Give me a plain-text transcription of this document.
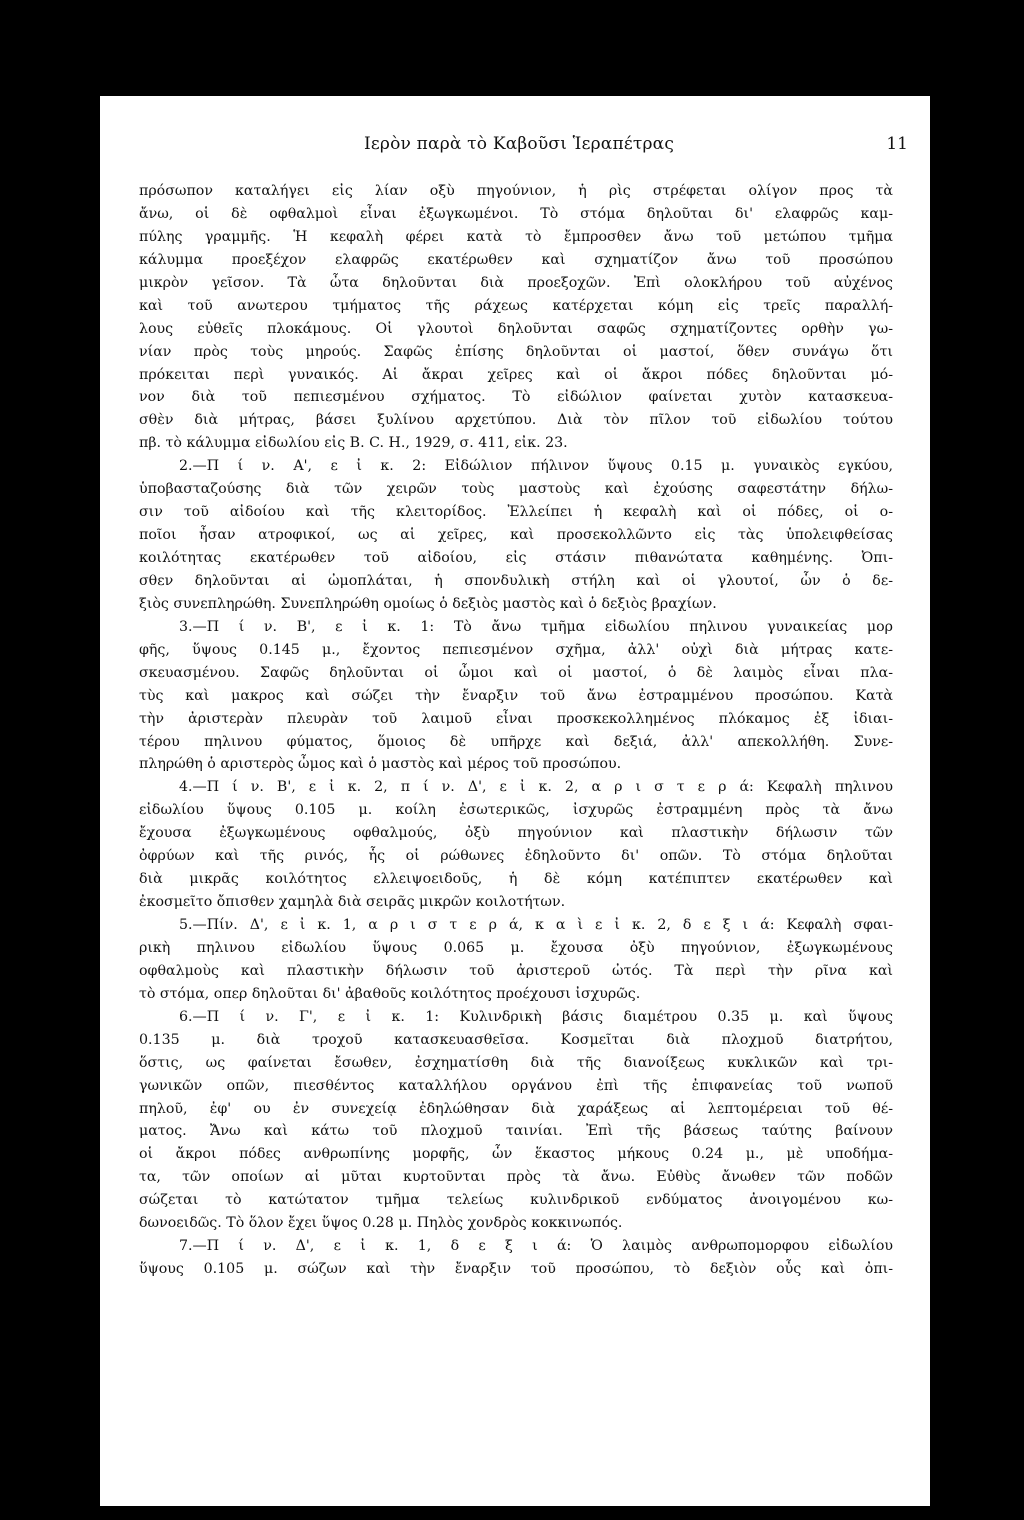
Ιερὸν παρὰ τὸ Καβοῦσι Ἱεραπέτρας	11
πρόσωπον καταλήγει εἰς λίαν οξὺ πηγούνιον, ἡ ρὶς στρέφεται ολίγον προς τὰ
ἄνω, οἱ δὲ οφθαλμοὶ εἶναι ἐξωγκωμένοι. Τὸ στόμα δηλοῦται δι' ελαφρῶς καμ-
πύλης γραμμῆς. Ἡ κεφαλὴ φέρει κατὰ τὸ ἔμπροσθεν ἄνω τοῦ μετώπου τμῆμα
κάλυμμα προεξέχον ελαφρῶς εκατέρωθεν καὶ σχηματίζον ἄνω τοῦ προσώπου
μικρὸν γεῖσον. Τὰ ὦτα δηλοῦνται διὰ προεξοχῶν. Ἐπὶ ολοκλήρου τοῦ αὐχένος
καὶ τοῦ ανωτερου τμήματος τῆς ράχεως κατέρχεται κόμη εἰς τρεῖς παραλλή-
λους εὐθεῖς πλοκάμους. Οἱ γλουτοὶ δηλοῦνται σαφῶς σχηματίζοντες ορθὴν γω-
νίαν πρὸς τοὺς μηρούς. Σαφῶς ἐπίσης δηλοῦνται οἱ μαστοί, ὅθεν συνάγω ὅτι
πρόκειται περὶ γυναικός. Αἱ ἄκραι χεῖρες καὶ οἱ ἄκροι πόδες δηλοῦνται μό-
νον διὰ τοῦ πεπιεσμένου σχήματος. Τὸ εἰδώλιον φαίνεται χυτὸν κατασκευα-
σθὲν διὰ μήτρας, βάσει ξυλίνου αρχετύπου. Διὰ τὸν πῖλον τοῦ εἰδωλίου τούτου
πβ. τὸ κάλυμμα εἰδωλίου εἰς B. C. H., 1929, σ. 411, εἰκ. 23.
2.—Π ί ν. Α', ε ἰ κ. 2: Εἰδώλιον πήλινον ὕψους 0.15 μ. γυναικὸς εγκύου,
ὑποβασταζούσης διὰ τῶν χειρῶν τοὺς μαστοὺς καὶ ἐχούσης σαφεστάτην δήλω-
σιν τοῦ αἰδοίου καὶ τῆς κλειτορίδος. Ἐλλείπει ἡ κεφαλὴ καὶ οἱ πόδες, οἱ ο-
ποῖοι ἦσαν ατροφικοί, ως αἱ χεῖρες, καὶ προσεκολλῶντο εἰς τὰς ὑπολειφθείσας
κοιλότητας εκατέρωθεν τοῦ αἰδοίου, εἰς στάσιν πιθανώτατα καθημένης. Ὀπι-
σθεν δηλοῦνται αἱ ὠμοπλάται, ἡ σπονδυλικὴ στήλη καὶ οἱ γλουτοί, ὧν ὁ δε-
ξιὸς συνεπληρώθη. Συνεπληρώθη ομοίως ὁ δεξιὸς μαστὸς καὶ ὁ δεξιὸς βραχίων.
3.—Π ί ν. Β', ε ἰ κ. 1: Τὸ ἄνω τμῆμα εἰδωλίου πηλινου γυναικείας μορ
φῆς, ὕψους 0.145 μ., ἔχοντος πεπιεσμένον σχῆμα, ἀλλ' οὐχὶ διὰ μήτρας κατε-
σκευασμένου. Σαφῶς δηλοῦνται οἱ ὦμοι καὶ οἱ μαστοί, ὁ δὲ λαιμὸς εἶναι πλα-
τὺς καὶ μακρος καὶ σώζει τὴν ἔναρξιν τοῦ ἄνω ἐστραμμένου προσώπου. Κατὰ
τὴν ἀριστερὰν πλευρὰν τοῦ λαιμοῦ εἶναι προσκεκολλημένος πλόκαμος ἐξ ἰδιαι-
τέρου πηλινου φύματος, ὅμοιος δὲ υπῆρχε καὶ δεξιά, ἀλλ' απεκολλήθη. Συνε-
πληρώθη ὁ αριστερὸς ὦμος καὶ ὁ μαστὸς καὶ μέρος τοῦ προσώπου.
4.—Π ί ν. Β', ε ἰ κ. 2, π ί ν. Δ', ε ἰ κ. 2, α ρ ι σ τ ε ρ ά: Κεφαλὴ πηλινου
εἰδωλίου ὕψους 0.105 μ. κοίλη ἐσωτερικῶς, ἰσχυρῶς ἐστραμμένη πρὸς τὰ ἄνω
ἔχουσα ἐξωγκωμένους οφθαλμούς, ὀξὺ πηγούνιον καὶ πλαστικὴν δήλωσιν τῶν
ὀφρύων καὶ τῆς ρινός, ἧς οἱ ρώθωνες ἐδηλοῦντο δι' οπῶν. Τὸ στόμα δηλοῦται
διὰ μικρᾶς κοιλότητος ελλειψοειδοῦς, ἡ δὲ κόμη κατέπιπτεν εκατέρωθεν καὶ
ἐκοσμεῖτο ὄπισθεν χαμηλὰ διὰ σειρᾶς μικρῶν κοιλοτήτων.
5.—Πίν. Δ', ε ἰ κ. 1, α ρ ι σ τ ε ρ ά, κ α ὶ ε ἰ κ. 2, δ ε ξ ι ά: Κεφαλὴ σφαι-
ρικὴ πηλινου εἰδωλίου ὕψους 0.065 μ. ἔχουσα ὀξὺ πηγούνιον, ἐξωγκωμένους
οφθαλμοὺς καὶ πλαστικὴν δήλωσιν τοῦ ἀριστεροῦ ὠτός. Τὰ περὶ τὴν ρῖνα καὶ
τὸ στόμα, οπερ δηλοῦται δι' ἀβαθοῦς κοιλότητος προέχουσι ἰσχυρῶς.
6.—Π ί ν. Γ', ε ἰ κ. 1: Κυλινδρικὴ βάσις διαμέτρου 0.35 μ. καὶ ὕψους
0.135 μ. διὰ τροχοῦ κατασκευασθεῖσα. Κοσμεῖται διὰ πλοχμοῦ διατρήτου,
ὅστις, ως φαίνεται ἔσωθεν, ἐσχηματίσθη διὰ τῆς διανοίξεως κυκλικῶν καὶ τρι-
γωνικῶν οπῶν, πιεσθέντος καταλλήλου οργάνου ἐπὶ τῆς ἐπιφανείας τοῦ νωποῦ
πηλοῦ, ἐφ' ου ἐν συνεχείᾳ ἐδηλώθησαν διὰ χαράξεως αἱ λεπτομέρειαι τοῦ θέ-
ματος. Ἄνω καὶ κάτω τοῦ πλοχμοῦ ταινίαι. Ἐπὶ τῆς βάσεως ταύτης βαίνουν
οἱ ἄκροι πόδες ανθρωπίνης μορφῆς, ὧν ἕκαστος μήκους 0.24 μ., μὲ υποδήμα-
τα, τῶν οποίων αἱ μῦται κυρτοῦνται πρὸς τὰ ἄνω. Εὐθὺς ἄνωθεν τῶν ποδῶν
σώζεται τὸ κατώτατον τμῆμα τελείως κυλινδρικοῦ ενδύματος ἀνοιγομένου κω-
δωνοειδῶς. Τὸ ὅλον ἔχει ὕψος 0.28 μ. Πηλὸς χονδρὸς κοκκινωπός.
7.—Π ί ν. Δ', ε ἰ κ. 1, δ ε ξ ι ά: Ὁ λαιμὸς ανθρωπομορφου εἰδωλίου
ὕψους 0.105 μ. σώζων καὶ τὴν ἔναρξιν τοῦ προσώπου, τὸ δεξιὸν οὖς καὶ ὀπι-
